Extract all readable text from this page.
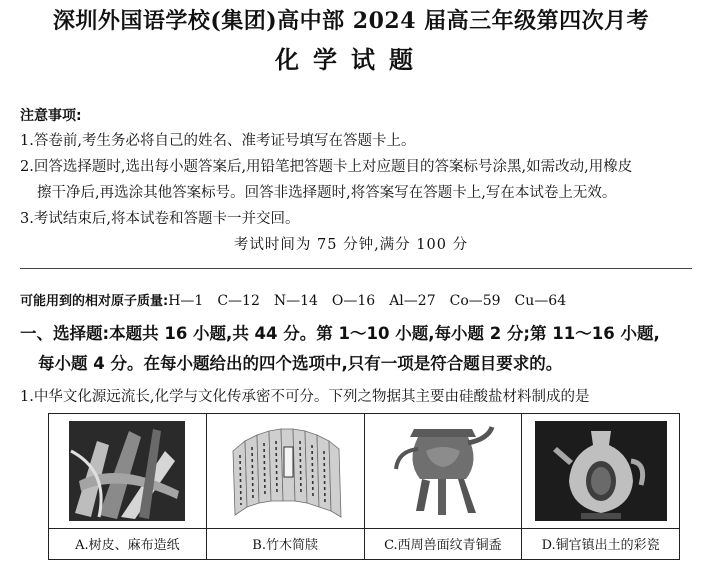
深圳外国语学校(集团)高中部 2024 届高三年级第四次月考
化学试题
注意事项:
1.答卷前,考生务必将自己的姓名、准考证号填写在答题卡上。
2.回答选择题时,选出每小题答案后,用铅笔把答题卡上对应题目的答案标号涂黑,如需改动,用橡皮
擦干净后,再选涂其他答案标号。回答非选择题时,将答案写在答题卡上,写在本试卷上无效。
3.考试结束后,将本试卷和答题卡一并交回。
考试时间为 75 分钟,满分 100 分
可能用到的相对原子质量:H—1　C—12　N—14　O—16　Al—27　Co—59　Cu—64
一、选择题:本题共 16 小题,共 44 分。第 1～10 小题,每小题 2 分;第 11～16 小题,
每小题 4 分。在每小题给出的四个选项中,只有一项是符合题目要求的。
1.中华文化源远流长,化学与文化传承密不可分。下列之物据其主要由硅酸盐材料制成的是

A.树皮、麻布造纸	B.竹木简牍	C.西周兽面纹青铜盉	D.铜官镇出土的彩瓷
